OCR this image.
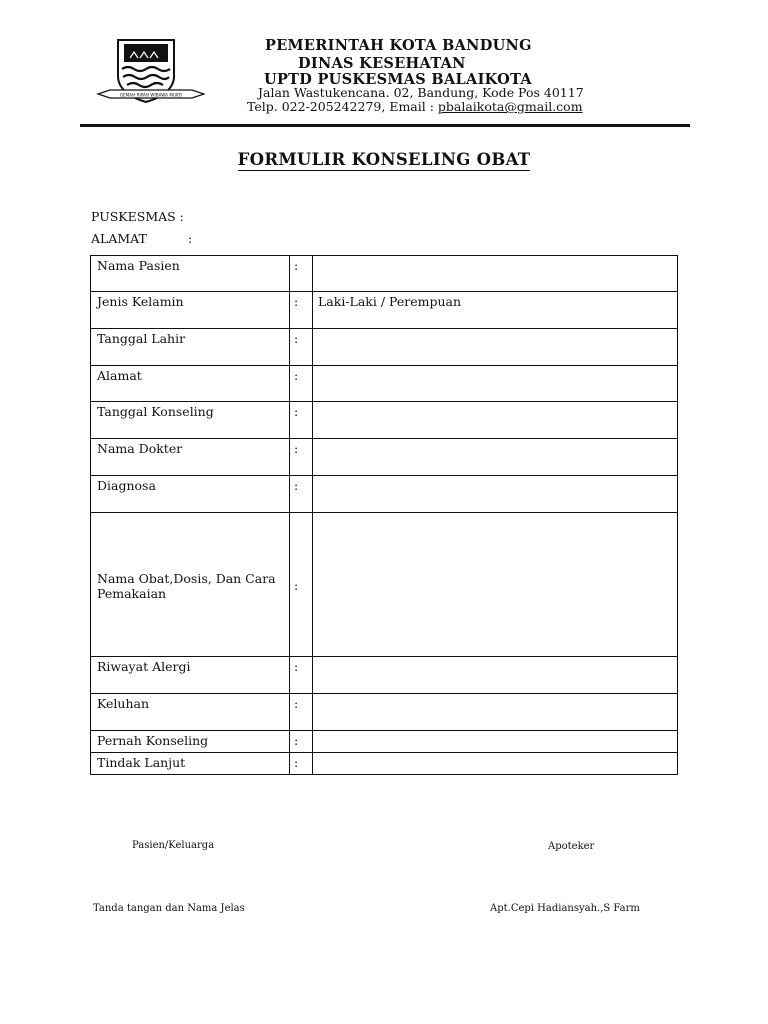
GEMAH RIPAH WIBAWA MUKTI
PEMERINTAH KOTA BANDUNG
DINAS KESEHATAN
UPTD PUSKESMAS BALAIKOTA
Jalan Wastukencana. 02, Bandung, Kode Pos 40117
Telp. 022-205242279, Email : pbalaikota@gmail.com
FORMULIR KONSELING OBAT
PUSKESMAS :
ALAMAT	:
Nama Pasien	:	
Jenis Kelamin	:	Laki-Laki / Perempuan
Tanggal Lahir	:	
Alamat	:	
Tanggal Konseling	:	
Nama Dokter	:	
Diagnosa	:	
Nama Obat,Dosis, Dan Cara Pemakaian	:	
Riwayat Alergi	:	
Keluhan	:	
Pernah Konseling	:	
Tindak Lanjut	:	
Pasien/Keluarga	Apoteker
Tanda tangan dan Nama Jelas	Apt.Cepi Hadiansyah.,S Farm
